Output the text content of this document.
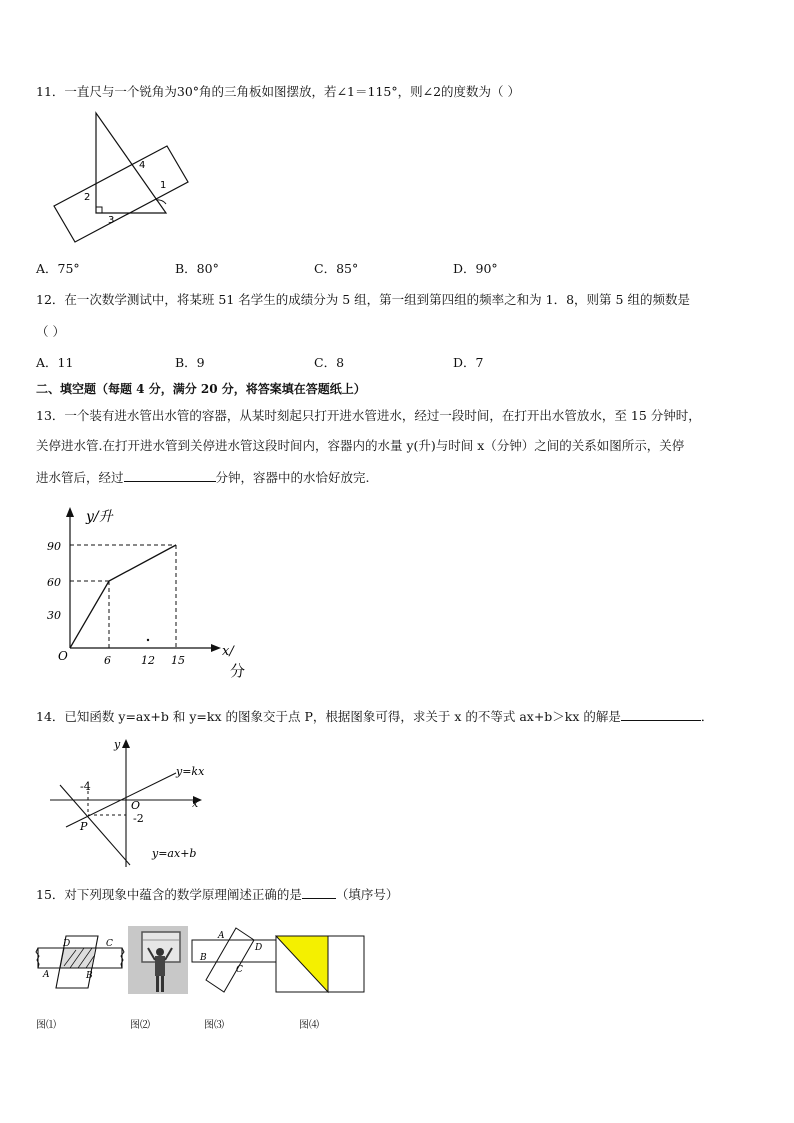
11．一直尺与一个锐角为30°角的三角板如图摆放，若∠1＝115°，则∠2的度数为（ ）
1
2
3
4
A．75°	B．80°	C．85°	D．90°
12．在一次数学测试中，将某班 51 名学生的成绩分为 5 组，第一组到第四组的频率之和为 1．8，则第 5 组的频数是
（ ）
A．11	B．9	C．8	D．7
二、填空题（每题 4 分，满分 20 分，将答案填在答题纸上）
13．一个装有进水管出水管的容器，从某时刻起只打开进水管进水，经过一段时间，在打开出水管放水，至 15 分钟时，
关停进水管.在打开进水管到关停进水管这段时间内，容器内的水量 y(升)与时间 x（分钟）之间的关系如图所示，关停
进水管后，经过	分钟，容器中的水恰好放完.
y/升
90
60
30
O	6	12 15
x/
分
14．已知函数 y=ax+b 和 y=kx 的图象交于点 P，根据图象可得，求关于 x 的不等式 ax+b＞kx 的解是	．
y
x
O
-4
-2
P
y=kx
y=ax+b
15．对下列现象中蕴含的数学原理阐述正确的是	（填序号）
D	C
A	B
A
D
B
C
图⑴	图⑵	图⑶	图⑷
